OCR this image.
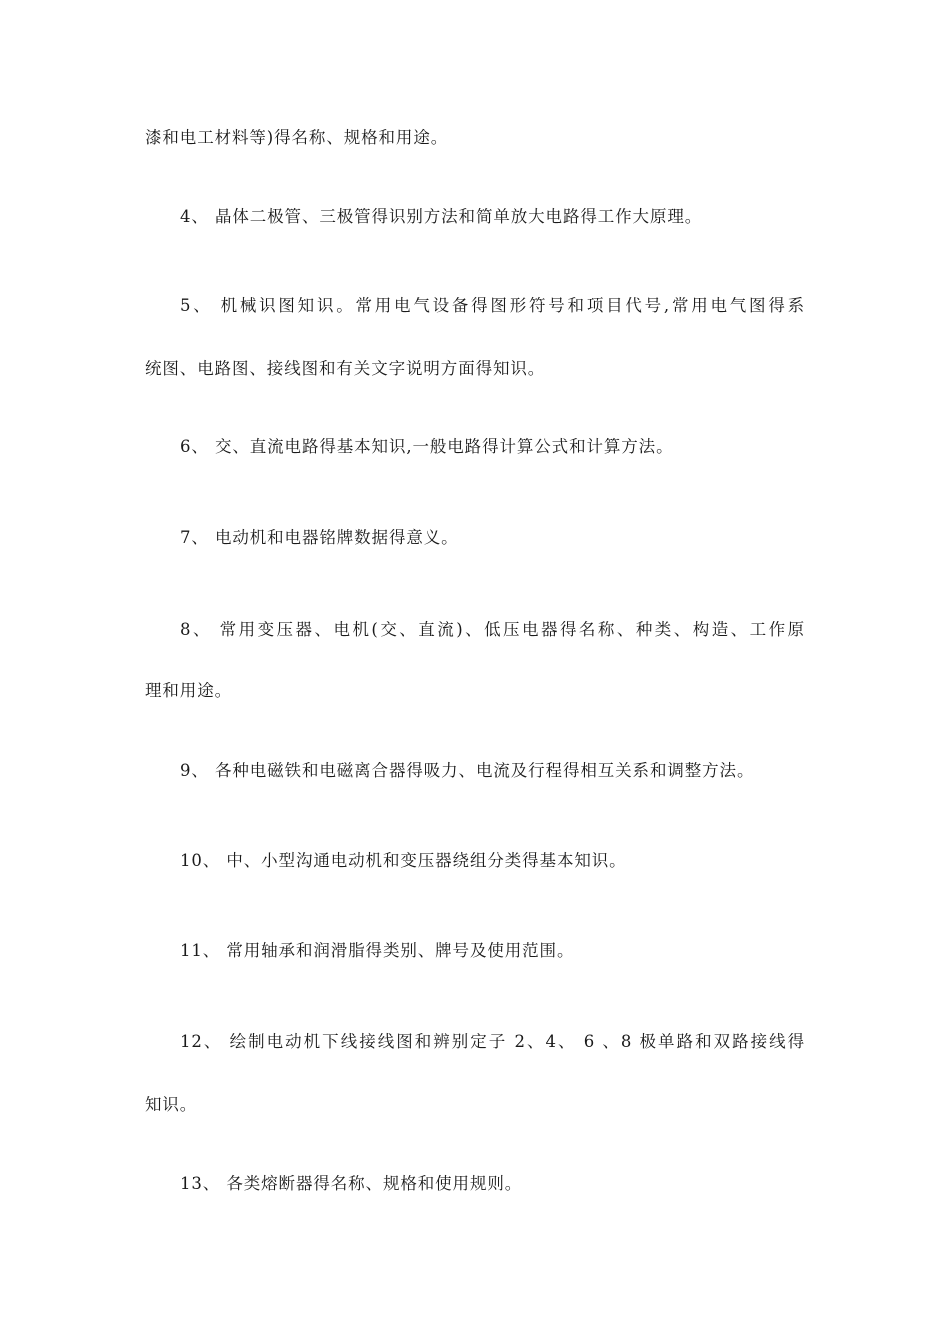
漆和电工材料等)得名称、规格和用途。
4、 晶体二极管、三极管得识别方法和简单放大电路得工作大原理。
5、 机械识图知识。常用电气设备得图形符号和项目代号,常用电气图得系
统图、电路图、接线图和有关文字说明方面得知识。
6、 交、直流电路得基本知识,一般电路得计算公式和计算方法。
7、 电动机和电器铭牌数据得意义。
8、 常用变压器、电机(交、直流)、低压电器得名称、种类、构造、工作原
理和用途。
9、 各种电磁铁和电磁离合器得吸力、电流及行程得相互关系和调整方法。
10、 中、小型沟通电动机和变压器绕组分类得基本知识。
11、 常用轴承和润滑脂得类别、牌号及使用范围。
12、 绘制电动机下线接线图和辨别定子 2、4、 6 、8 极单路和双路接线得
知识。
13、 各类熔断器得名称、规格和使用规则。
